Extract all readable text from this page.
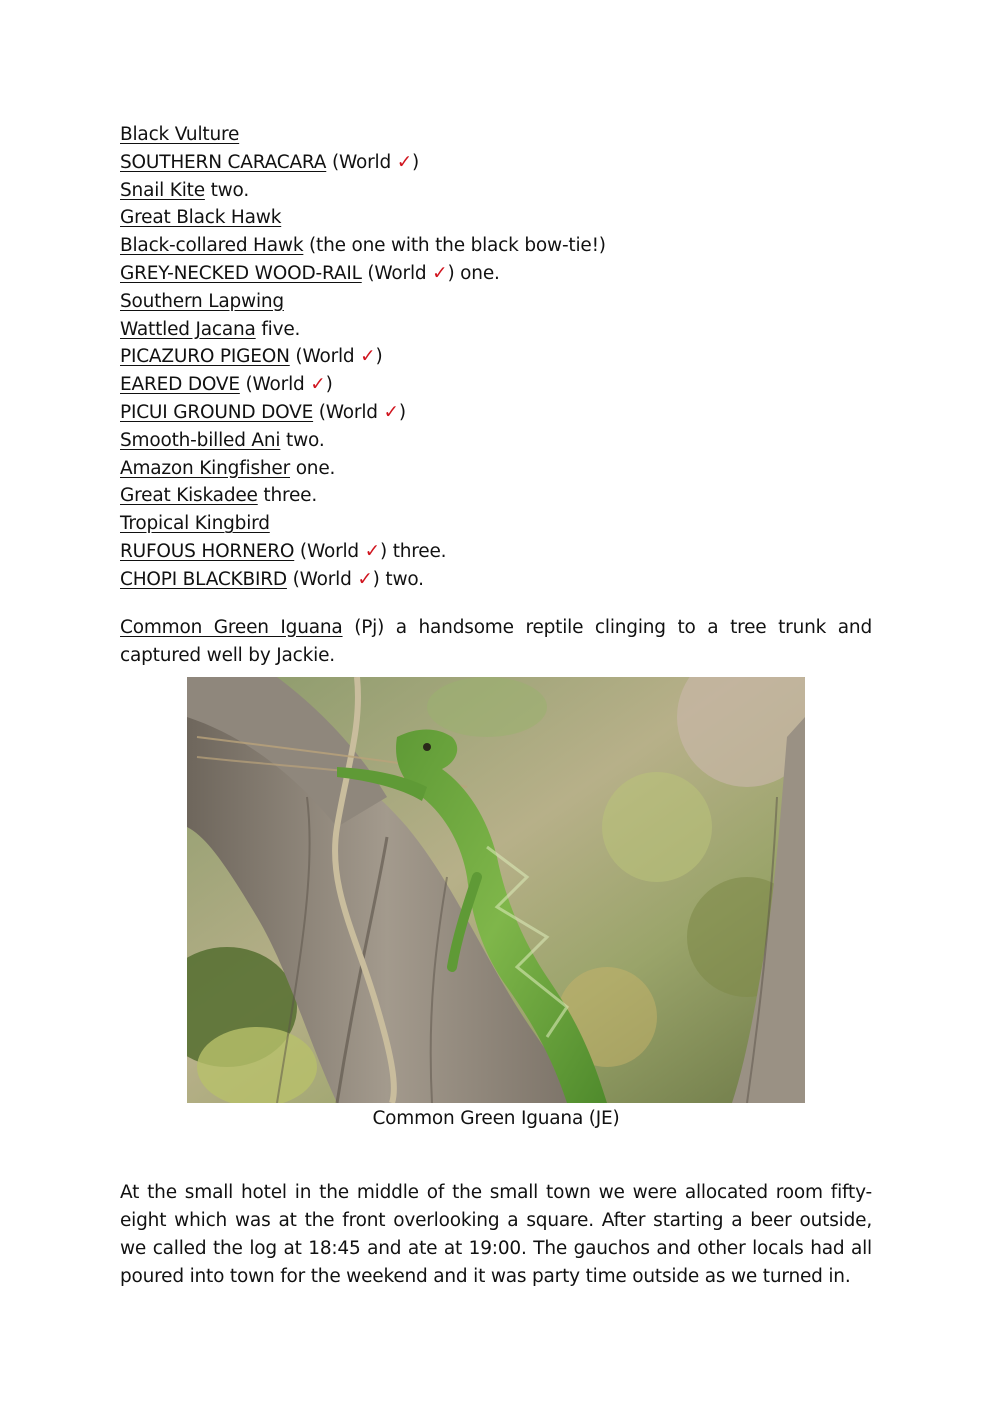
Black Vulture
SOUTHERN CARACARA (World ✓)
Snail Kite two.
Great Black Hawk
Black-collared Hawk (the one with the black bow-tie!)
GREY-NECKED WOOD-RAIL (World ✓) one.
Southern Lapwing
Wattled Jacana five.
PICAZURO PIGEON (World ✓)
EARED DOVE (World ✓)
PICUI GROUND DOVE (World ✓)
Smooth-billed Ani two.
Amazon Kingfisher one.
Great Kiskadee three.
Tropical Kingbird
RUFOUS HORNERO (World ✓) three.
CHOPI BLACKBIRD (World ✓) two.

Common Green Iguana (Pj) a handsome reptile clinging to a tree trunk and captured well by Jackie.

Common Green Iguana (JE)

At the small hotel in the middle of the small town we were allocated room fifty-eight which was at the front overlooking a square. After starting a beer outside, we called the log at 18:45 and ate at 19:00. The gauchos and other locals had all poured into town for the weekend and it was party time outside as we turned in.
